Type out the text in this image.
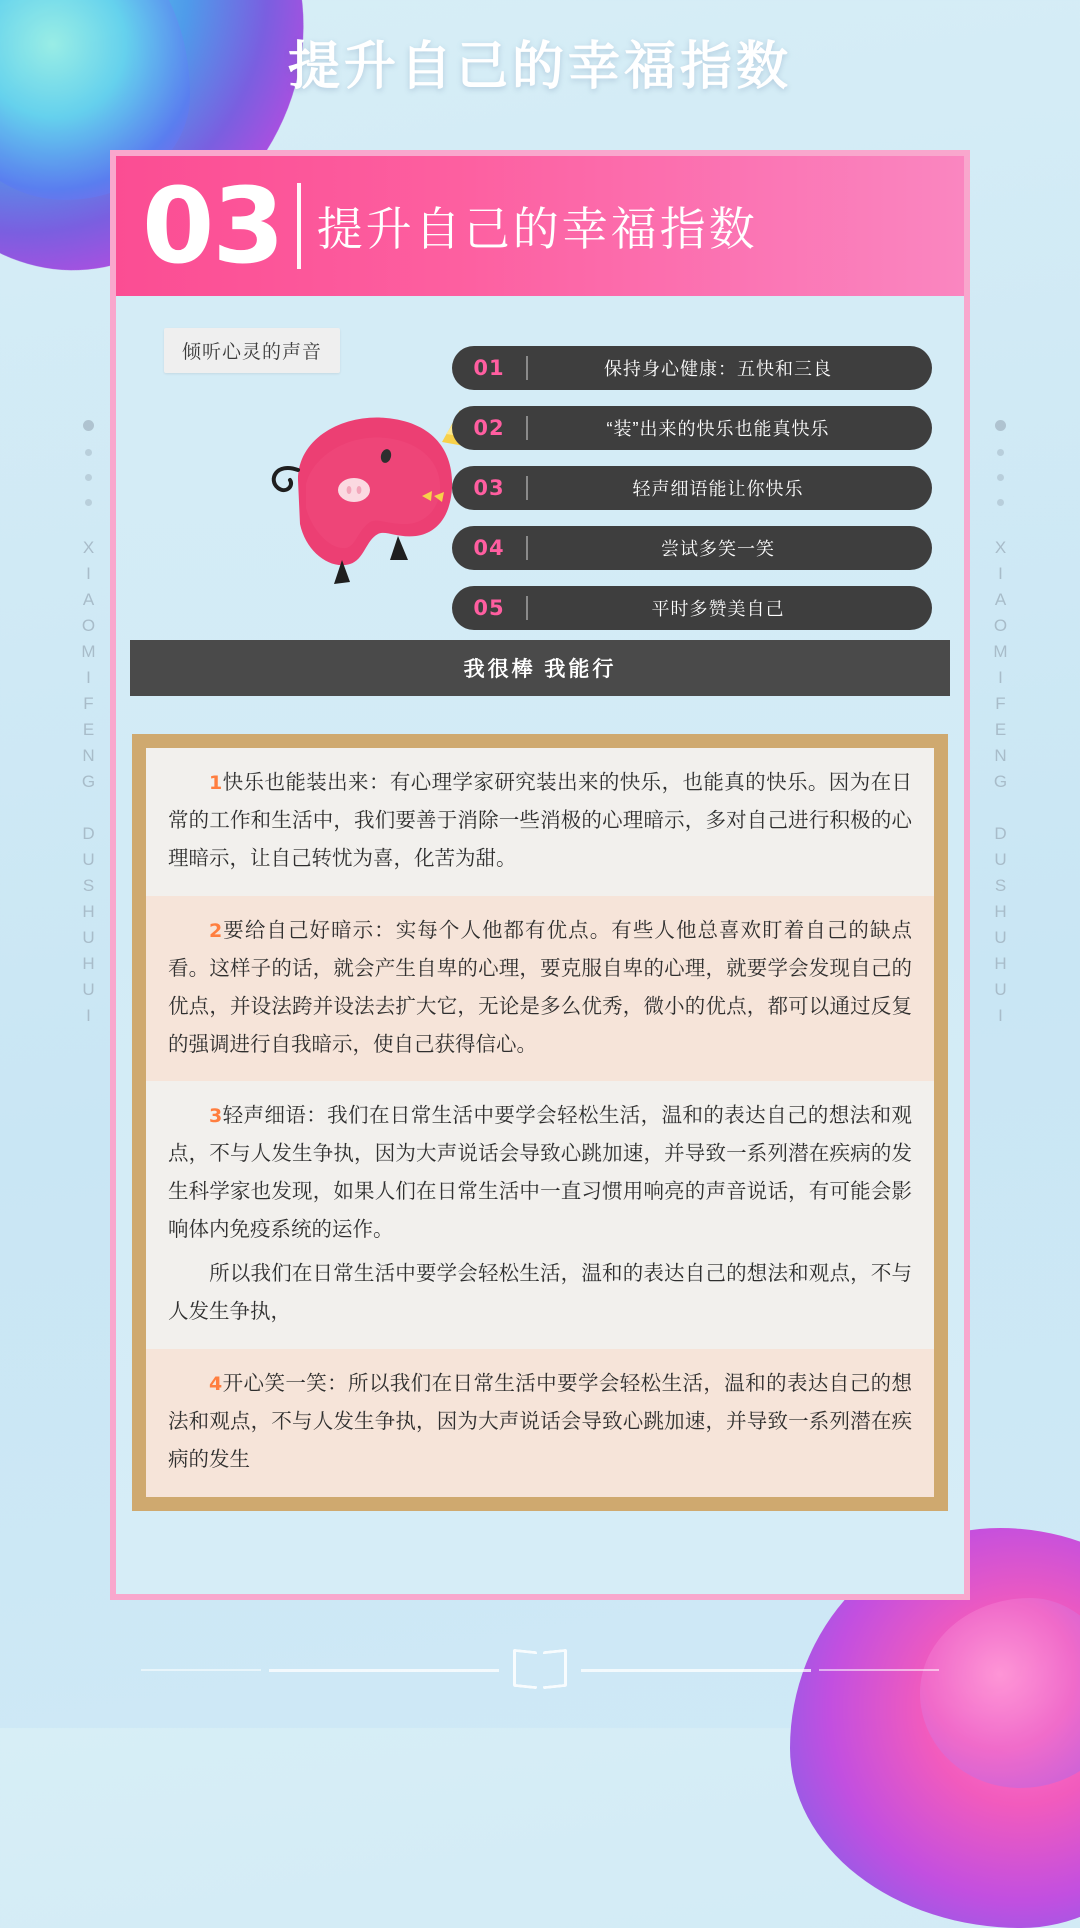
提升自己的幸福指数
XIAOMIFENG DUSHUHUI	XIAOMIFENG DUSHUHUI
03 提升自己的幸福指数
倾听心灵的声音
01	保持身心健康：五快和三良
02	“装”出来的快乐也能真快乐
03	轻声细语能让你快乐
04	尝试多笑一笑
05	平时多赞美自己
我很棒 我能行
1快乐也能装出来：有心理学家研究装出来的快乐，也能真的快乐。因为在日常的工作和生活中，我们要善于消除一些消极的心理暗示，多对自己进行积极的心理暗示，让自己转忧为喜，化苦为甜。
2要给自己好暗示：实每个人他都有优点。有些人他总喜欢盯着自己的缺点看。这样子的话，就会产生自卑的心理，要克服自卑的心理，就要学会发现自己的优点，并设法跨并设法去扩大它，无论是多么优秀，微小的优点，都可以通过反复的强调进行自我暗示，使自己获得信心。
3轻声细语：我们在日常生活中要学会轻松生活，温和的表达自己的想法和观点，不与人发生争执，因为大声说话会导致心跳加速，并导致一系列潜在疾病的发生科学家也发现，如果人们在日常生活中一直习惯用响亮的声音说话，有可能会影响体内免疫系统的运作。
所以我们在日常生活中要学会轻松生活，温和的表达自己的想法和观点，不与人发生争执，
4开心笑一笑：所以我们在日常生活中要学会轻松生活，温和的表达自己的想法和观点，不与人发生争执，因为大声说话会导致心跳加速，并导致一系列潜在疾病的发生
